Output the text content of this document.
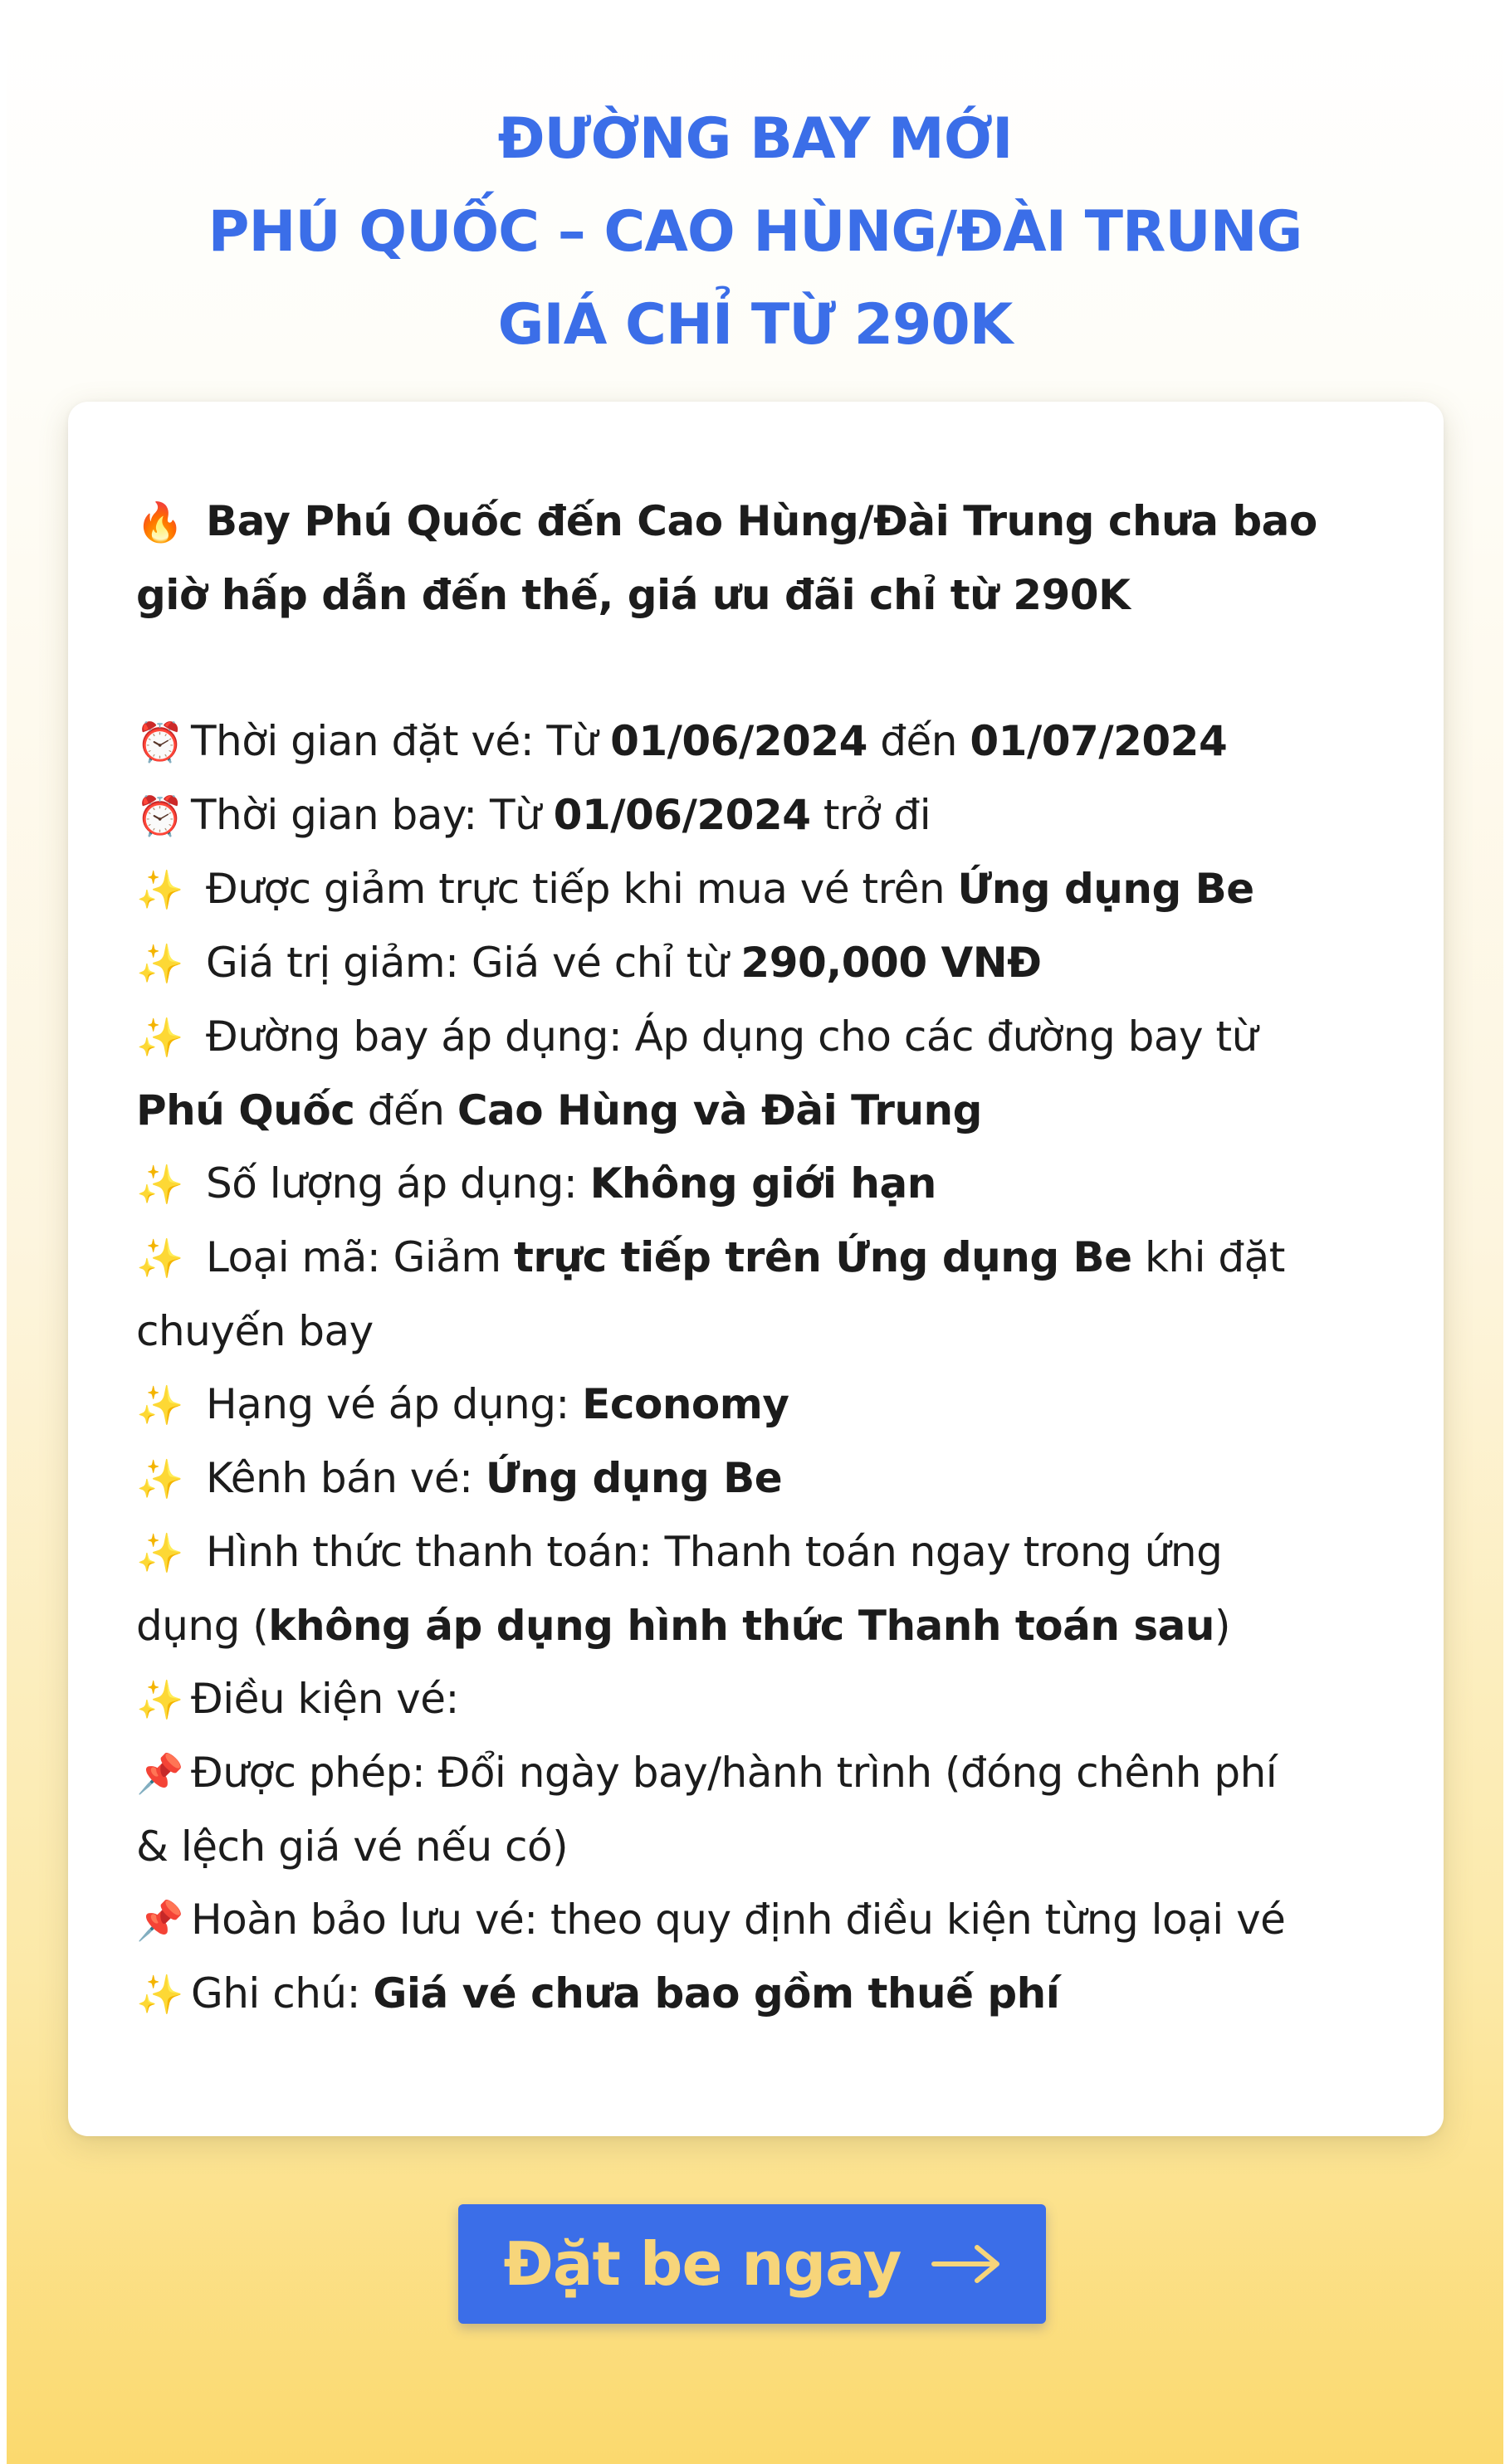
ĐƯỜNG BAY MỚI
PHÚ QUỐC – CAO HÙNG/ĐÀI TRUNG
GIÁ CHỈ TỪ 290K
🔥 Bay Phú Quốc đến Cao Hùng/Đài Trung chưa bao
giờ hấp dẫn đến thế, giá ưu đãi chỉ từ 290K
⏰ Thời gian đặt vé: Từ 01/06/2024 đến 01/07/2024
⏰ Thời gian bay: Từ 01/06/2024 trở đi
✨ Được giảm trực tiếp khi mua vé trên Ứng dụng Be
✨ Giá trị giảm: Giá vé chỉ từ 290,000 VNĐ
✨ Đường bay áp dụng: Áp dụng cho các đường bay từ
Phú Quốc đến Cao Hùng và Đài Trung
✨ Số lượng áp dụng: Không giới hạn
✨ Loại mã: Giảm trực tiếp trên Ứng dụng Be khi đặt
chuyến bay
✨ Hạng vé áp dụng: Economy
✨ Kênh bán vé: Ứng dụng Be
✨ Hình thức thanh toán: Thanh toán ngay trong ứng
dụng (không áp dụng hình thức Thanh toán sau)
✨ Điều kiện vé:
📌 Được phép: Đổi ngày bay/hành trình (đóng chênh phí
& lệch giá vé nếu có)
📌 Hoàn bảo lưu vé: theo quy định điều kiện từng loại vé
✨ Ghi chú: Giá vé chưa bao gồm thuế phí
Đặt be ngay
